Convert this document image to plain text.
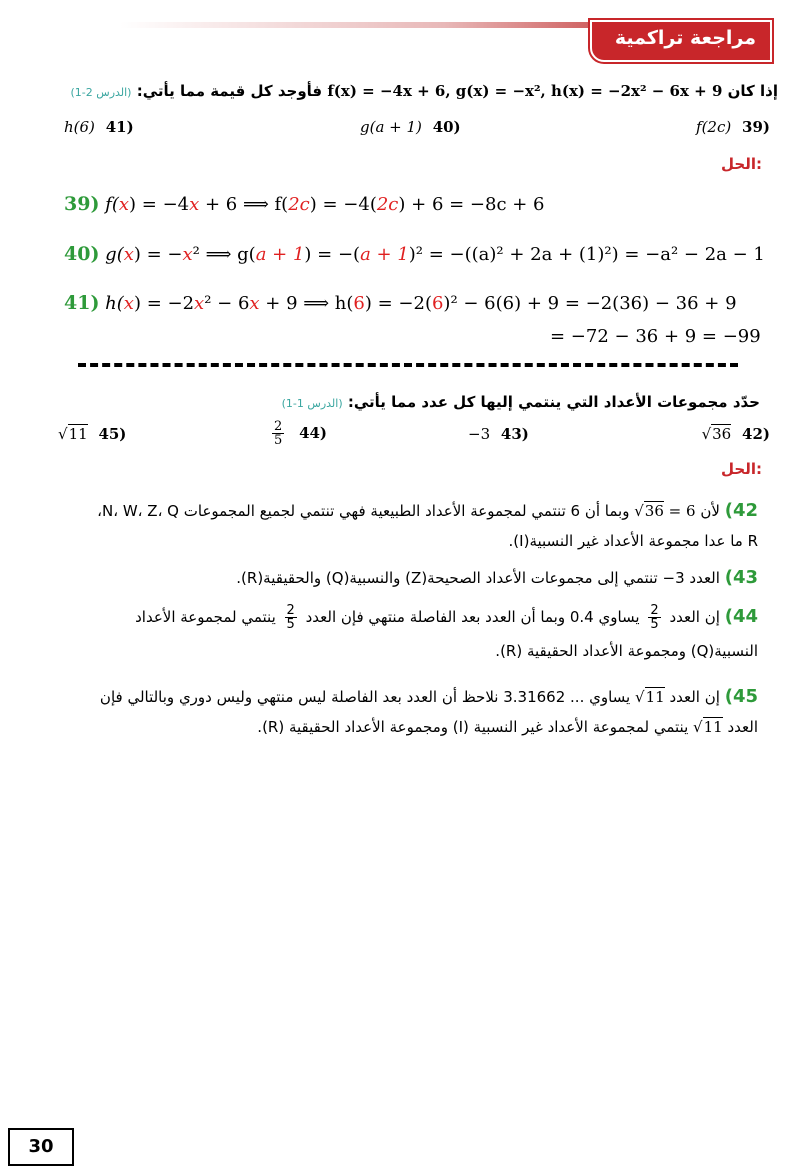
مراجعة تراكمية
إذا كان f(x) = −4x + 6, g(x) = −x², h(x) = −2x² − 6x + 9 فأوجد كل قيمة مما يأتي: (الدرس 2-1)
f(2c) 39)
g(a + 1) 40)
h(6) 41)
الحل:
39) f(x) = −4x + 6 ⟹ f(2c) = −4(2c) + 6 = −8c + 6
40) g(x) = −x² ⟹ g(a + 1) = −(a + 1)² = −((a)² + 2a + (1)²) = −a² − 2a − 1
41) h(x) = −2x² − 6x + 9 ⟹ h(6) = −2(6)² − 6(6) + 9 = −2(36) − 36 + 9
= −72 − 36 + 9 = −99
حدّد مجموعات الأعداد التي ينتمي إليها كل عدد مما يأتي: (الدرس 1-1)
√36 42)
−3 43)
$\frac{2}{5} 44$)
√11 45)
الحل:
42) لأن √36 = 6 وبما أن 6 تنتمي لمجموعة الأعداد الطبيعية فهي تنتمي لجميع المجموعات N، W، Z، Q،
R ما عدا مجموعة الأعداد غير النسبية(I).
43) العدد 3− تنتمي إلى مجموعات الأعداد الصحيحة(Z) والنسبية(Q) والحقيقية(R).
44) إن العدد
$\frac{2}{5}$
يساوي 0.4 وبما أن العدد بعد الفاصلة منتهي فإن العدد
$\frac{2}{5}$
ينتمي لمجموعة الأعداد
النسبية(Q) ومجموعة الأعداد الحقيقية (R).
45) إن العدد √11 يساوي ... 3.31662 نلاحظ أن العدد بعد الفاصلة ليس منتهي وليس دوري وبالتالي فإن
العدد √11 ينتمي لمجموعة الأعداد غير النسبية (I) ومجموعة الأعداد الحقيقية (R).
30
